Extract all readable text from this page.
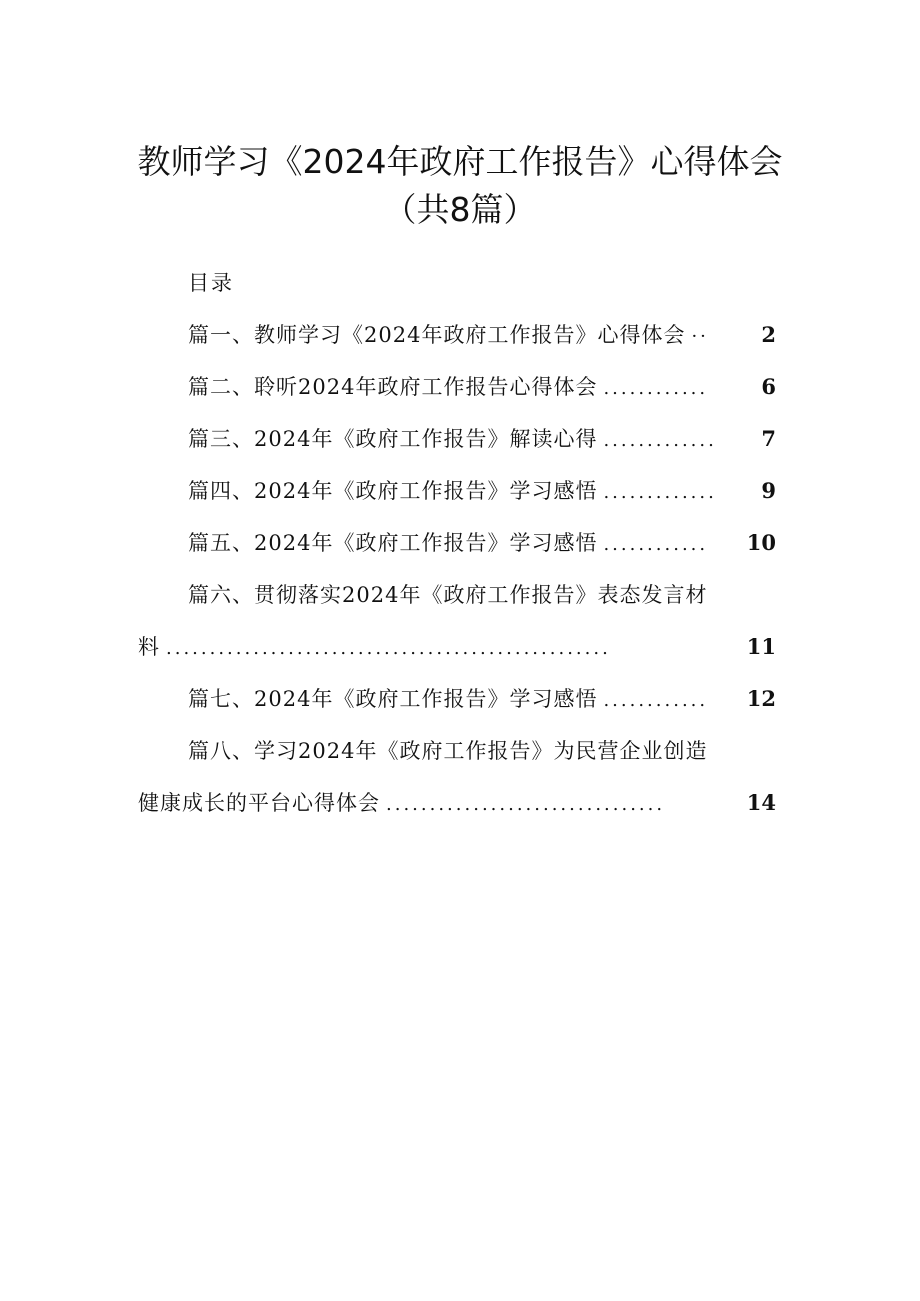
教师学习《2024年政府工作报告》心得体会
（共8篇）
目录
篇一、教师学习《2024年政府工作报告》心得体会 ··	2
篇二、聆听2024年政府工作报告心得体会 ............	6
篇三、2024年《政府工作报告》解读心得 .............	7
篇四、2024年《政府工作报告》学习感悟 .............	9
篇五、2024年《政府工作报告》学习感悟 ............	10
篇六、贯彻落实2024年《政府工作报告》表态发言材
料 ...................................................	11
篇七、2024年《政府工作报告》学习感悟 ............	12
篇八、学习2024年《政府工作报告》为民营企业创造
健康成长的平台心得体会 ................................	14
